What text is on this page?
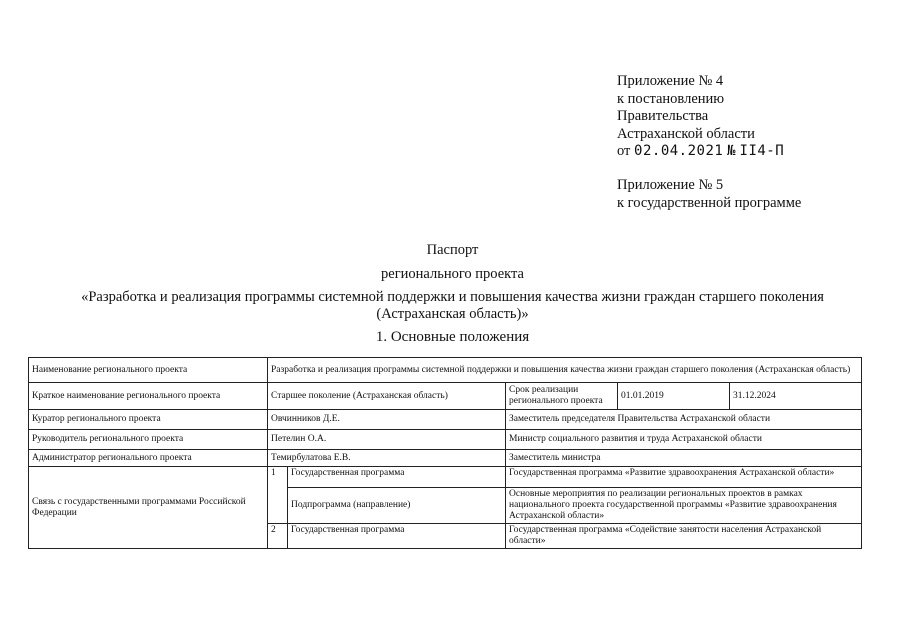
Приложение № 4
к постановлению
Правительства
Астраханской области
от 02.04.2021 № II4-П
Приложение № 5
к государственной программе
Паспорт
регионального проекта
«Разработка и реализация программы системной поддержки и повышения качества жизни граждан старшего поколения
(Астраханская область)»
1. Основные положения
Наименование регионального проекта	Разработка и реализация программы системной поддержки и повышения качества жизни граждан старшего поколения (Астраханская область)				
Краткое наименование регионального проекта	Старшее поколение (Астраханская область)		Срок реализации регионального проекта	01.01.2019	31.12.2024
Куратор регионального проекта	Овчинников Д.Е.		Заместитель председателя Правительства Астраханской области		
Руководитель регионального проекта	Петелин О.А.		Министр социального развития и труда Астраханской области		
Администратор регионального проекта	Темирбулатова Е.В.		Заместитель министра		
Связь с государственными программами Российской Федерации	1	Государственная программа	Государственная программа «Развитие здравоохранения Астраханской области»		
		Подпрограмма (направление)	Основные мероприятия по реализации региональных проектов в рамках национального проекта государственной программы «Развитие здравоохранения Астраханской области»		
	2	Государственная программа	Государственная программа «Содействие занятости населения Астраханской области»		
